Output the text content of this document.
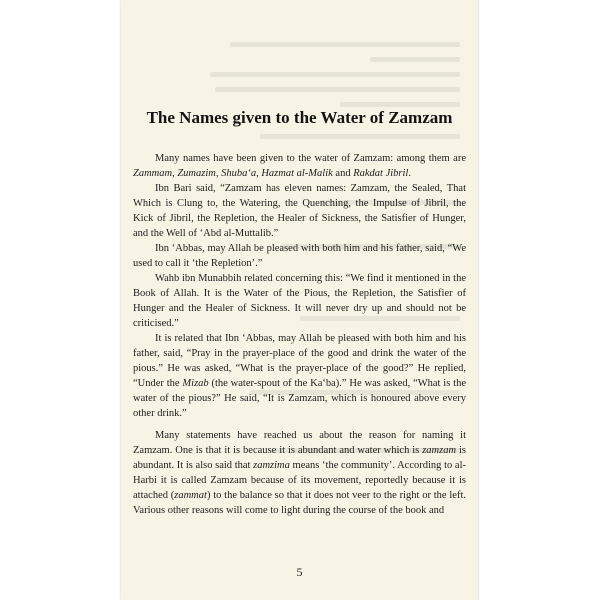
The Names given to the Water of Zamzam

Many names have been given to the water of Zamzam: among them are Zammam, Zumazim, Shuba‘a, Hazmat al-Malik and Rakdat Jibril.

Ibn Bari said, “Zamzam has eleven names: Zamzam, the Sealed, That Which is Clung to, the Watering, the Quenching, the Impulse of Jibril, the Kick of Jibril, the Repletion, the Healer of Sickness, the Satisfier of Hunger, and the Well of ‘Abd al-Muttalib.”

Ibn ‘Abbas, may Allah be pleased with both him and his father, said, “We used to call it ‘the Repletion’.”

Wahb ibn Munabbih related concerning this: “We find it mentioned in the Book of Allah. It is the Water of the Pious, the Repletion, the Satisfier of Hunger and the Healer of Sickness. It will never dry up and should not be criticised.”

It is related that Ibn ‘Abbas, may Allah be pleased with both him and his father, said, “Pray in the prayer-place of the good and drink the water of the pious.” He was asked, “What is the prayer-place of the good?” He replied, “Under the Mizab (the water-spout of the Ka‘ba).” He was asked, “What is the water of the pious?” He said, “It is Zamzam, which is honoured above every other drink.”

Many statements have reached us about the reason for naming it Zamzam. One is that it is because it is abundant and water which is zamzam is abundant. It is also said that zamzima means ‘the community’. According to al-Harbi it is called Zamzam because of its movement, reportedly because it is attached (zammat) to the balance so that it does not veer to the right or the left. Various other reasons will come to light during the course of the book and

5
